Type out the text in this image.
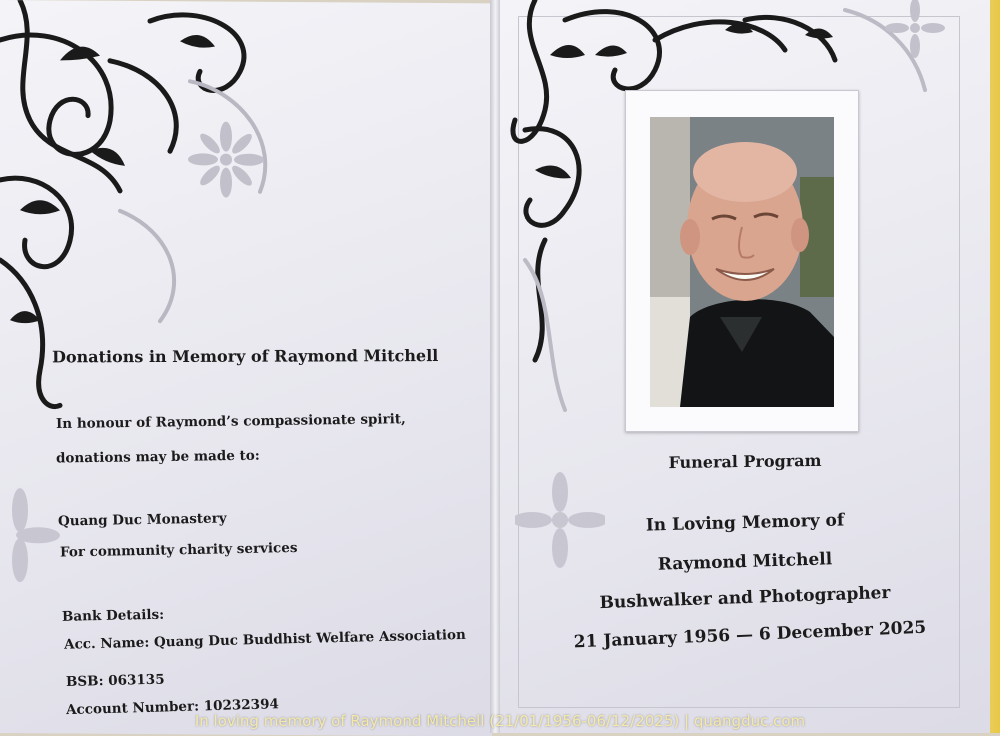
Donations in Memory of Raymond Mitchell
In honour of Raymond’s compassionate spirit,
donations may be made to:
Quang Duc Monastery
For community charity services
Bank Details:
Acc. Name: Quang Duc Buddhist Welfare Association
BSB: 063135
Account Number: 10232394
Funeral Program
In Loving Memory of
Raymond Mitchell
Bushwalker and Photographer
21 January 1956 — 6 December 2025
In loving memory of Raymond Mitchell (21/01/1956-06/12/2025) | quangduc.com
